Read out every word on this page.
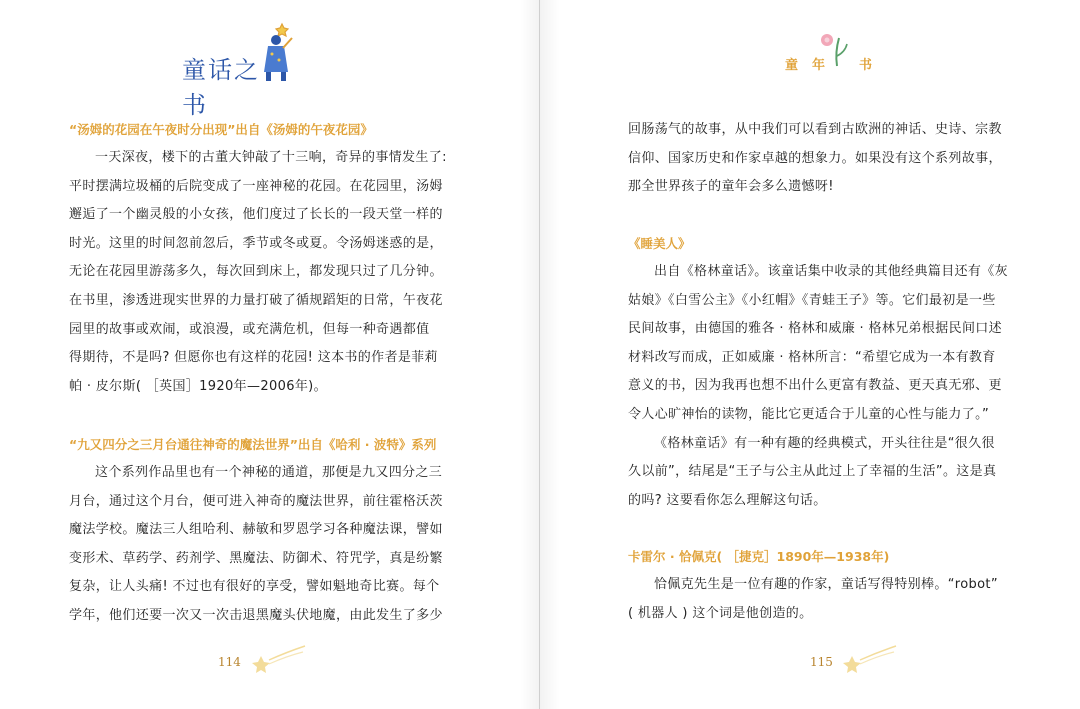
童话之书
“汤姆的花园在午夜时分出现”出自《汤姆的午夜花园》
一天深夜，楼下的古董大钟敲了十三响，奇异的事情发生了:
平时摆满垃圾桶的后院变成了一座神秘的花园。在花园里，汤姆
邂逅了一个幽灵般的小女孩，他们度过了长长的一段天堂一样的
时光。这里的时间忽前忽后，季节或冬或夏。令汤姆迷惑的是，
无论在花园里游荡多久，每次回到床上，都发现只过了几分钟。
在书里，渗透进现实世界的力量打破了循规蹈矩的日常，午夜花
园里的故事或欢闹，或浪漫，或充满危机，但每一种奇遇都值
得期待，不是吗? 但愿你也有这样的花园! 这本书的作者是菲莉
帕 · 皮尔斯( ［英国］1920年—2006年)。
“九又四分之三月台通往神奇的魔法世界”出自《哈利 · 波特》系列
这个系列作品里也有一个神秘的通道，那便是九又四分之三
月台，通过这个月台，便可进入神奇的魔法世界，前往霍格沃茨
魔法学校。魔法三人组哈利、赫敏和罗恩学习各种魔法课，譬如
变形术、草药学、药剂学、黑魔法、防御术、符咒学，真是纷繁
复杂，让人头痛! 不过也有很好的享受，譬如魁地奇比赛。每个
学年，他们还要一次又一次击退黑魔头伏地魔，由此发生了多少
114
童 年 书
回肠荡气的故事，从中我们可以看到古欧洲的神话、史诗、宗教
信仰、国家历史和作家卓越的想象力。如果没有这个系列故事，
那全世界孩子的童年会多么遗憾呀!
《睡美人》
出自《格林童话》。该童话集中收录的其他经典篇目还有《灰
姑娘》《白雪公主》《小红帽》《青蛙王子》等。它们最初是一些
民间故事，由德国的雅各 · 格林和威廉 · 格林兄弟根据民间口述
材料改写而成，正如威廉 · 格林所言：“希望它成为一本有教育
意义的书，因为我再也想不出什么更富有教益、更天真无邪、更
令人心旷神怡的读物，能比它更适合于儿童的心性与能力了。”
《格林童话》有一种有趣的经典模式，开头往往是“很久很
久以前”，结尾是“王子与公主从此过上了幸福的生活”。这是真
的吗? 这要看你怎么理解这句话。
卡雷尔 · 恰佩克( ［捷克］1890年—1938年)
恰佩克先生是一位有趣的作家，童话写得特别棒。“robot”
( 机器人 ) 这个词是他创造的。
115
